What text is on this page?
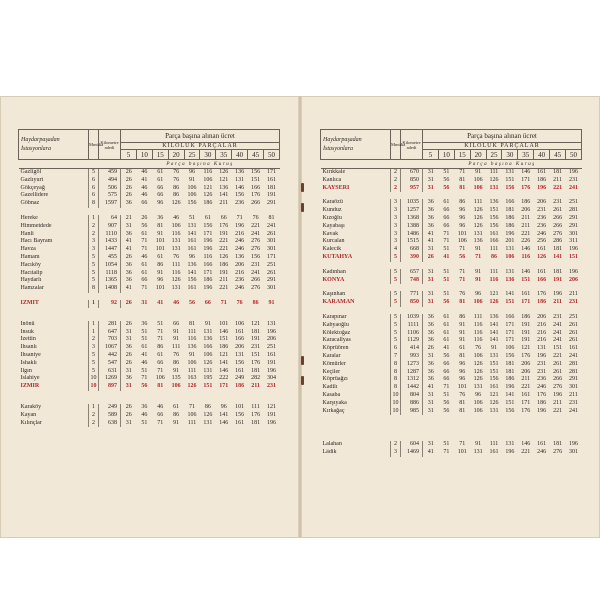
Haydarpaşadan İstasyonlara	Mıntıka	Kilometre adedi	Parça başına alınan ücret									
			KİLOLUK PARÇALAR									
			5	10	15	20	25	30	35	40	45	50
			Parça başına Kuruş									
Gazligöl	5	459	26	46	61	76	96	116	126	136	156	171
Gazlıyurt	6	494	26	41	61	76	91	106	121	131	151	161
Gökçeyağ	6	506	26	46	66	86	106	121	136	146	166	181
Gazellidere	6	575	26	46	66	86	106	126	141	156	176	191
Göbnaz	8	1597	36	66	96	126	156	186	211	236	266	291

Hereke	1	64	21	26	36	46	51	61	66	71	76	81
Himmetdede	2	907	31	56	81	106	131	156	176	196	221	241
Hanli	2	1110	36	61	91	116	141	171	191	216	241	261
Hacı Bayram	3	1433	41	71	101	131	161	196	221	246	276	301
Havza	3	1447	41	71	101	131	161	196	221	246	276	301
Hamam	5	455	26	46	61	76	96	116	126	136	156	171
Hacıköy	5	1054	36	61	86	111	136	166	186	206	231	251
Hacıtalip	5	1118	36	61	91	116	141	171	191	216	241	261
Haydarlı	5	1365	36	66	96	126	156	186	211	236	266	291
Hamzalar	8	1408	41	71	101	131	161	196	221	246	276	301

İZMİT	1	92	26	31	41	46	56	66	71	76	86	91

İnönü	1	281	26	36	51	66	81	91	101	106	121	131
İnsuk	1	647	31	51	71	91	111	131	146	161	181	196
İzettin	2	703	31	51	71	91	116	136	151	166	191	206
İhsanlı	3	1067	36	61	86	111	136	166	186	206	231	251
İhsaniye	5	442	26	41	61	76	91	106	121	131	151	161
İshaklı	5	547	26	46	66	86	106	126	141	156	176	191
İlgın	5	631	31	51	71	91	111	131	146	161	181	196
İslahiye	10	1269	36	71	106	135	163	195	222	249	282	304
İZMİR	10	897	31	56	81	106	126	151	171	186	211	231

Karaköy	1	249	26	36	46	61	71	86	96	101	111	121
Kayan	2	589	26	46	66	86	106	126	141	156	176	191
Kılınçlar	2	638	31	51	71	91	111	131	146	161	181	196
Haydarpaşadan İstasyonlara	Mıntıka	Kilometre adedi	Parça başına alınan ücret									
			KİLOLUK PARÇALAR									
			5	10	15	20	25	30	35	40	45	50
			Parça başına Kuruş									
Kırıkkale	2	670	31	51	71	91	111	131	146	161	181	196
Kanlıca	2	850	31	56	81	106	126	151	171	186	211	231
KAYSERİ	2	957	31	56	81	106	131	156	176	196	221	241

Karaözü	3	1035	36	61	86	111	136	166	186	206	231	251
Kunduz	3	1257	36	66	96	126	151	181	206	231	261	281
Kızoğlu	3	1368	36	66	96	126	156	186	211	236	266	291
Kayabaşı	3	1388	36	66	96	126	156	186	211	236	266	291
Kavak	3	1486	41	71	101	131	161	196	221	246	276	301
Kurcalan	3	1515	41	71	106	136	166	201	226	256	286	311
Kalecik	4	668	31	51	71	91	111	131	146	161	181	196
KÜTAHYA	5	390	26	41	56	71	86	106	116	126	141	151

Kadınhan	5	657	31	51	71	91	111	131	146	161	181	196
KONYA	5	748	31	51	71	91	116	136	151	166	191	206

Kaşınhan	5	771	31	51	76	96	121	141	161	176	196	211
KARAMAN	5	850	31	56	81	106	126	151	171	186	211	231

Karapınar	5	1039	36	61	86	111	136	166	186	206	231	251
Kabyaoğlu	5	1111	36	61	91	116	141	171	191	216	241	261
Kölektoğaz	5	1106	36	61	91	116	141	171	191	216	241	261
Karacallyas	5	1129	36	61	91	116	141	171	191	216	241	261
Köprüören	6	414	26	41	61	76	91	106	121	131	151	161
Karalar	7	993	31	56	81	106	131	156	176	196	221	241
Kömürler	8	1273	36	66	96	126	151	181	206	231	261	281
Keçiler	8	1287	36	66	96	126	151	181	206	231	261	281
Köprüağzı	8	1312	36	66	96	126	156	186	211	236	266	291
Kadilı	8	1442	41	71	101	131	161	196	221	246	276	301
Kasaba	10	804	31	51	76	96	121	141	161	176	196	211
Karşıyaka	10	886	31	56	81	106	126	151	171	186	211	231
Kırkağaç	10	985	31	56	81	106	131	156	176	196	221	241

Lalahan	2	604	31	51	71	91	111	131	146	161	181	196
Lâdik	3	1469	41	71	101	131	161	196	221	246	276	301
